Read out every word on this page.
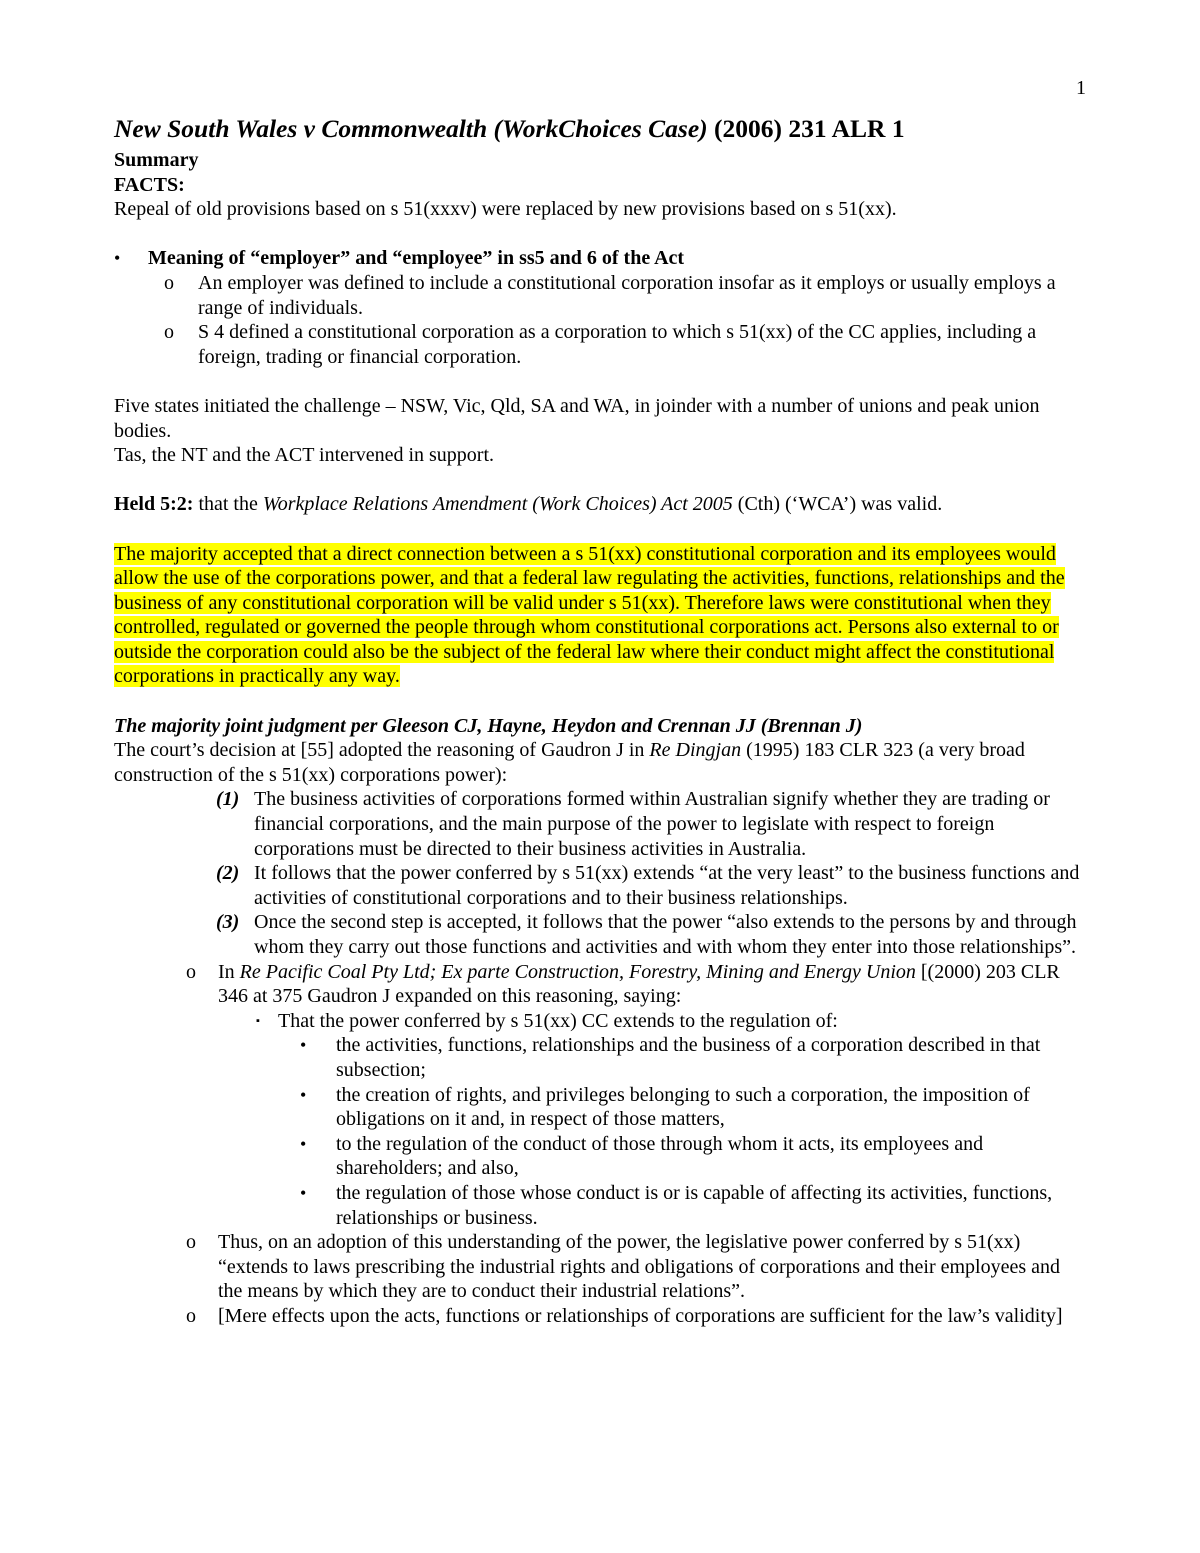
1

New South Wales v Commonwealth (WorkChoices Case) (2006) 231 ALR 1

Summary

FACTS:

Repeal of old provisions based on s 51(xxxv) were replaced by new provisions based on s 51(xx).

• Meaning of “employer” and “employee” in ss5 and 6 of the Act
o An employer was defined to include a constitutional corporation insofar as it employs or usually employs a range of individuals.
o S 4 defined a constitutional corporation as a corporation to which s 51(xx) of the CC applies, including a foreign, trading or financial corporation.

Five states initiated the challenge – NSW, Vic, Qld, SA and WA, in joinder with a number of unions and peak union bodies.

Tas, the NT and the ACT intervened in support.

Held 5:2: that the Workplace Relations Amendment (Work Choices) Act 2005 (Cth) (‘WCA’) was valid.

The majority accepted that a direct connection between a s 51(xx) constitutional corporation and its employees would allow the use of the corporations power, and that a federal law regulating the activities, functions, relationships and the business of any constitutional corporation will be valid under s 51(xx). Therefore laws were constitutional when they controlled, regulated or governed the people through whom constitutional corporations act. Persons also external to or outside the corporation could also be the subject of the federal law where their conduct might affect the constitutional corporations in practically any way.

The majority joint judgment per Gleeson CJ, Hayne, Heydon and Crennan JJ (Brennan J)

The court’s decision at [55] adopted the reasoning of Gaudron J in Re Dingjan (1995) 183 CLR 323 (a very broad construction of the s 51(xx) corporations power):

(1) The business activities of corporations formed within Australian signify whether they are trading or financial corporations, and the main purpose of the power to legislate with respect to foreign corporations must be directed to their business activities in Australia.
(2) It follows that the power conferred by s 51(xx) extends “at the very least” to the business functions and activities of constitutional corporations and to their business relationships.
(3) Once the second step is accepted, it follows that the power “also extends to the persons by and through whom they carry out those functions and activities and with whom they enter into those relationships”.
o In Re Pacific Coal Pty Ltd; Ex parte Construction, Forestry, Mining and Energy Union [(2000) 203 CLR 346 at 375 Gaudron J expanded on this reasoning, saying:
▪ That the power conferred by s 51(xx) CC extends to the regulation of:
• the activities, functions, relationships and the business of a corporation described in that subsection;
• the creation of rights, and privileges belonging to such a corporation, the imposition of obligations on it and, in respect of those matters,
• to the regulation of the conduct of those through whom it acts, its employees and shareholders; and also,
• the regulation of those whose conduct is or is capable of affecting its activities, functions, relationships or business.
o Thus, on an adoption of this understanding of the power, the legislative power conferred by s 51(xx) “extends to laws prescribing the industrial rights and obligations of corporations and their employees and the means by which they are to conduct their industrial relations”.
o [Mere effects upon the acts, functions or relationships of corporations are sufficient for the law’s validity]
